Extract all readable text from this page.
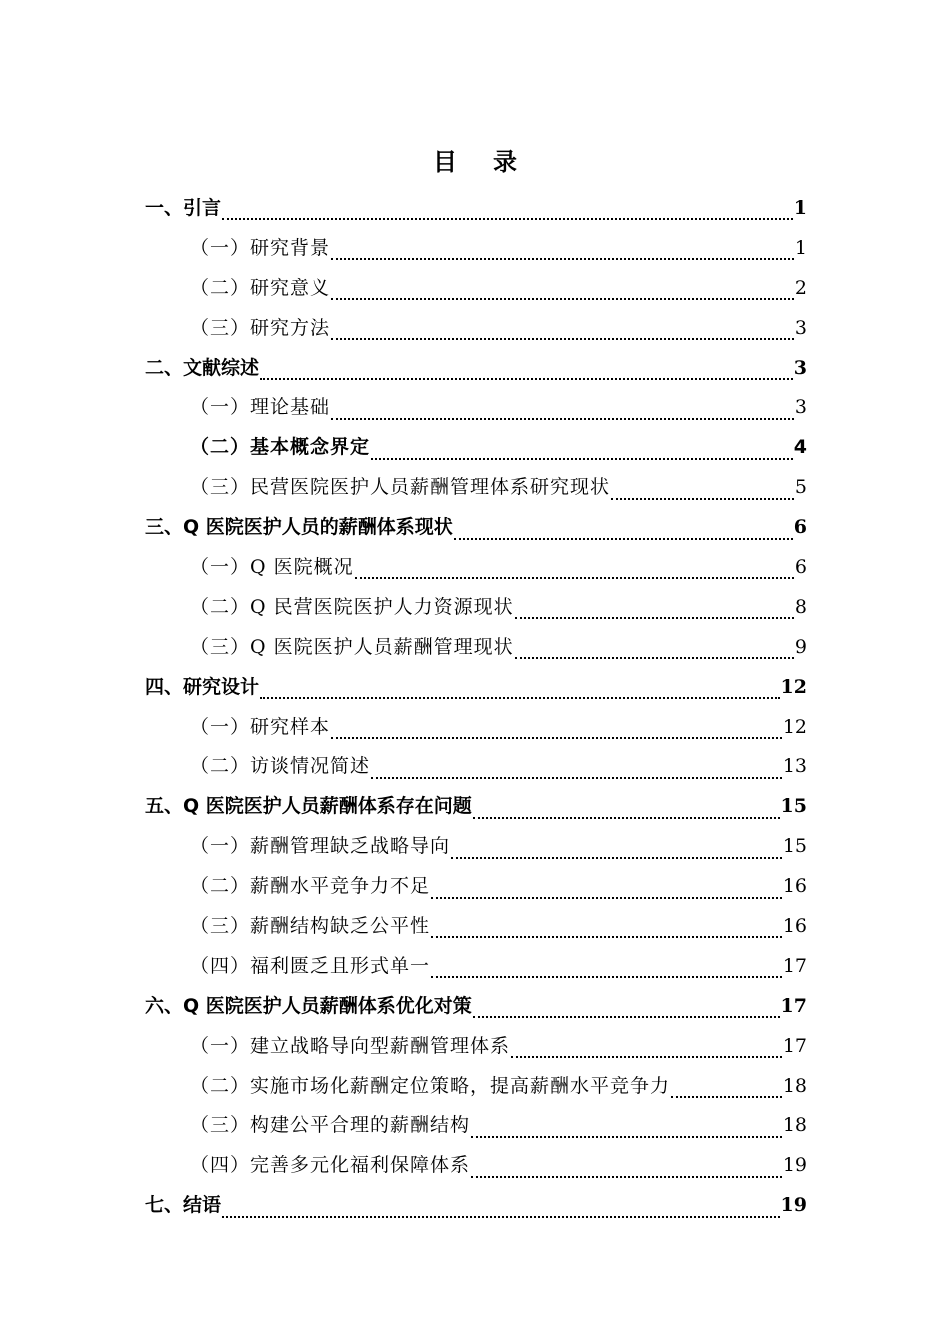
目录
一、引言	1
（一）研究背景	1
（二）研究意义	2
（三）研究方法	3
二、文献综述	3
（一）理论基础	3
（二）基本概念界定	4
（三）民营医院医护人员薪酬管理体系研究现状	5
三、Q 医院医护人员的薪酬体系现状	6
（一）Q 医院概况	6
（二）Q 民营医院医护人力资源现状	8
（三）Q 医院医护人员薪酬管理现状	9
四、研究设计	12
（一）研究样本	12
（二）访谈情况简述	13
五、Q 医院医护人员薪酬体系存在问题	15
（一）薪酬管理缺乏战略导向	15
（二）薪酬水平竞争力不足	16
（三）薪酬结构缺乏公平性	16
（四）福利匮乏且形式单一	17
六、Q 医院医护人员薪酬体系优化对策	17
（一）建立战略导向型薪酬管理体系	17
（二）实施市场化薪酬定位策略，提高薪酬水平竞争力	18
（三）构建公平合理的薪酬结构	18
（四）完善多元化福利保障体系	19
七、结语	19
